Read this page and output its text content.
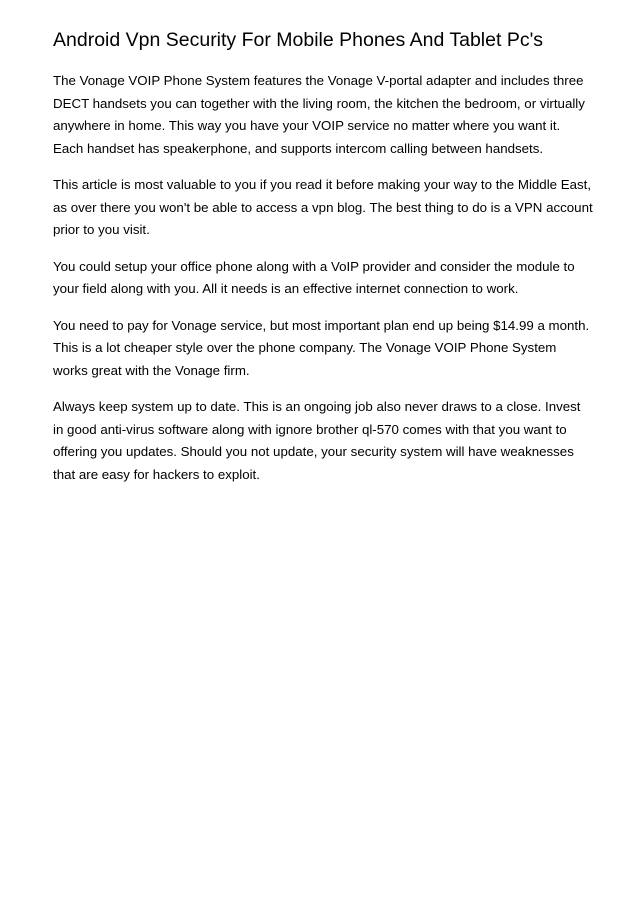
Android Vpn Security For Mobile Phones And Tablet Pc's

The Vonage VOIP Phone System features the Vonage V-portal adapter and includes three DECT handsets you can together with the living room, the kitchen the bedroom, or virtually anywhere in home. This way you have your VOIP service no matter where you want it. Each handset has speakerphone, and supports intercom calling between handsets.

This article is most valuable to you if you read it before making your way to the Middle East, as over there you won't be able to access a vpn blog. The best thing to do is a VPN account prior to you visit.

You could setup your office phone along with a VoIP provider and consider the module to your field along with you. All it needs is an effective internet connection to work.

You need to pay for Vonage service, but most important plan end up being $14.99 a month. This is a lot cheaper style over the phone company. The Vonage VOIP Phone System works great with the Vonage firm.

Always keep system up to date. This is an ongoing job also never draws to a close. Invest in good anti-virus software along with ignore brother ql-570 comes with that you want to offering you updates. Should you not update, your security system will have weaknesses that are easy for hackers to exploit.
